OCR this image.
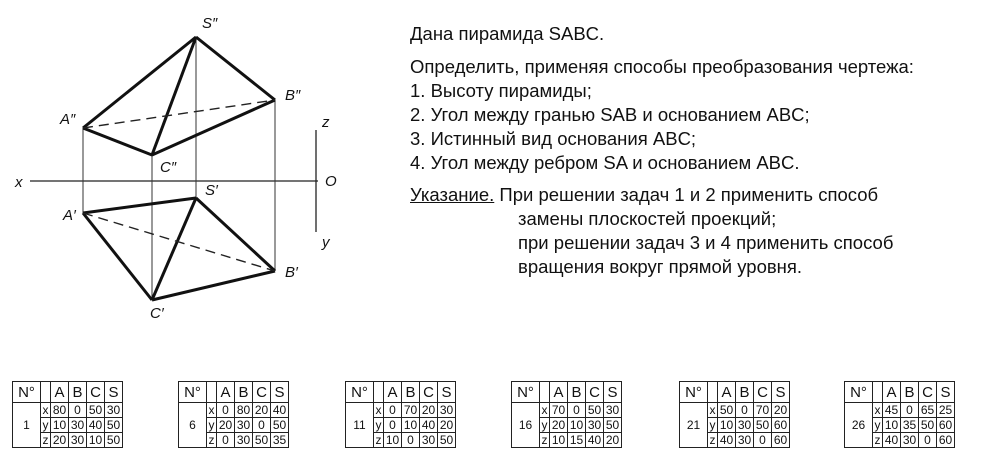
x
z
O
y
S″
A″
B″
C″
S′
A′
B′
C′

Дана пирамида SABC.

Определить, применяя способы преобразования чертежа:

1. Высоту пирамиды;

2. Угол между гранью SAB и основанием ABC;

3. Истинный вид основания ABC;

4. Угол между ребром SA и основанием ABC.

Указание. При решении задач 1 и 2 применить способ

замены плоскостей проекций;

при решении задач 3 и 4 применить способ

вращения вокруг прямой уровня.

N°		A	B	C	S
1	x	80	0	50	30
	y	10	30	40	50
	z	20	30	10	50
N°		A	B	C	S
6	x	0	80	20	40
	y	20	30	0	50
	z	0	30	50	35
N°		A	B	C	S
11	x	0	70	20	30
	y	0	10	40	20
	z	10	0	30	50
N°		A	B	C	S
16	x	70	0	50	30
	y	20	10	30	50
	z	10	15	40	20
N°		A	B	C	S
21	x	50	0	70	20
	y	10	30	50	60
	z	40	30	0	60
N°		A	B	C	S
26	x	45	0	65	25
	y	10	35	50	60
	z	40	30	0	60
